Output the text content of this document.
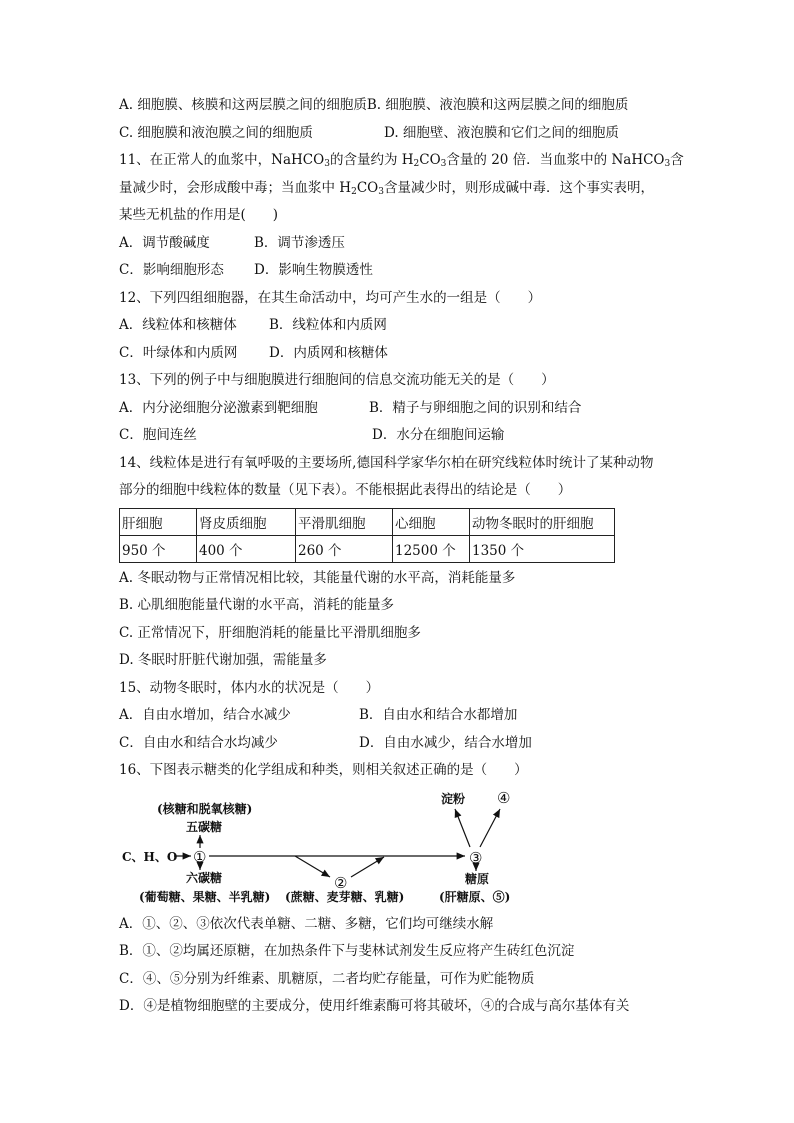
A. 细胞膜、核膜和这两层膜之间的细胞质B. 细胞膜、液泡膜和这两层膜之间的细胞质
C. 细胞膜和液泡膜之间的细胞质	D. 细胞壁、液泡膜和它们之间的细胞质
11、在正常人的血浆中，NaHCO$_3$的含量约为 $H_2CO_3$含量的 20 倍．当血浆中的 NaHCO$_3$含
量减少时，会形成酸中毒；当血浆中 $H_2CO_3$含量减少时，则形成碱中毒．这个事实表明，
某些无机盐的作用是(　　)
A．调节酸碱度	B．调节渗透压
C．影响细胞形态	D．影响生物膜透性
12、下列四组细胞器，在其生命活动中，均可产生水的一组是（　　）
A．线粒体和核糖体	B．线粒体和内质网
C．叶绿体和内质网	D．内质网和核糖体
13、下列的例子中与细胞膜进行细胞间的信息交流功能无关的是（　　）
A．内分泌细胞分泌激素到靶细胞	B．精子与卵细胞之间的识别和结合
C．胞间连丝	D．水分在细胞间运输
14、线粒体是进行有氧呼吸的主要场所,德国科学家华尔柏在研究线粒体时统计了某种动物
部分的细胞中线粒体的数量（见下表）。不能根据此表得出的结论是（　　）
肝细胞	肾皮质细胞	平滑肌细胞	心细胞	动物冬眠时的肝细胞
950 个	400 个	260 个	12500 个	1350 个
A. 冬眠动物与正常情况相比较，其能量代谢的水平高，消耗能量多
B. 心肌细胞能量代谢的水平高，消耗的能量多
C. 正常情况下，肝细胞消耗的能量比平滑肌细胞多
D. 冬眠时肝脏代谢加强，需能量多
15、动物冬眠时，体内水的状况是（　　）
A．自由水增加，结合水减少	B．自由水和结合水都增加
C．自由水和结合水均减少	D．自由水减少，结合水增加
16、下图表示糖类的化学组成和种类，则相关叙述正确的是（　　）
(核糖和脱氧核糖)
五碳糖
C、H、O ①
六碳糖
(葡萄糖、果糖、半乳糖)
②
(蔗糖、麦芽糖、乳糖)
③
淀粉 ④
糖原
(肝糖原、⑤)
A．①、②、③依次代表单糖、二糖、多糖，它们均可继续水解
B．①、②均属还原糖，在加热条件下与斐林试剂发生反应将产生砖红色沉淀
C．④、⑤分别为纤维素、肌糖原，二者均贮存能量，可作为贮能物质
D．④是植物细胞壁的主要成分，使用纤维素酶可将其破坏，④的合成与高尔基体有关
